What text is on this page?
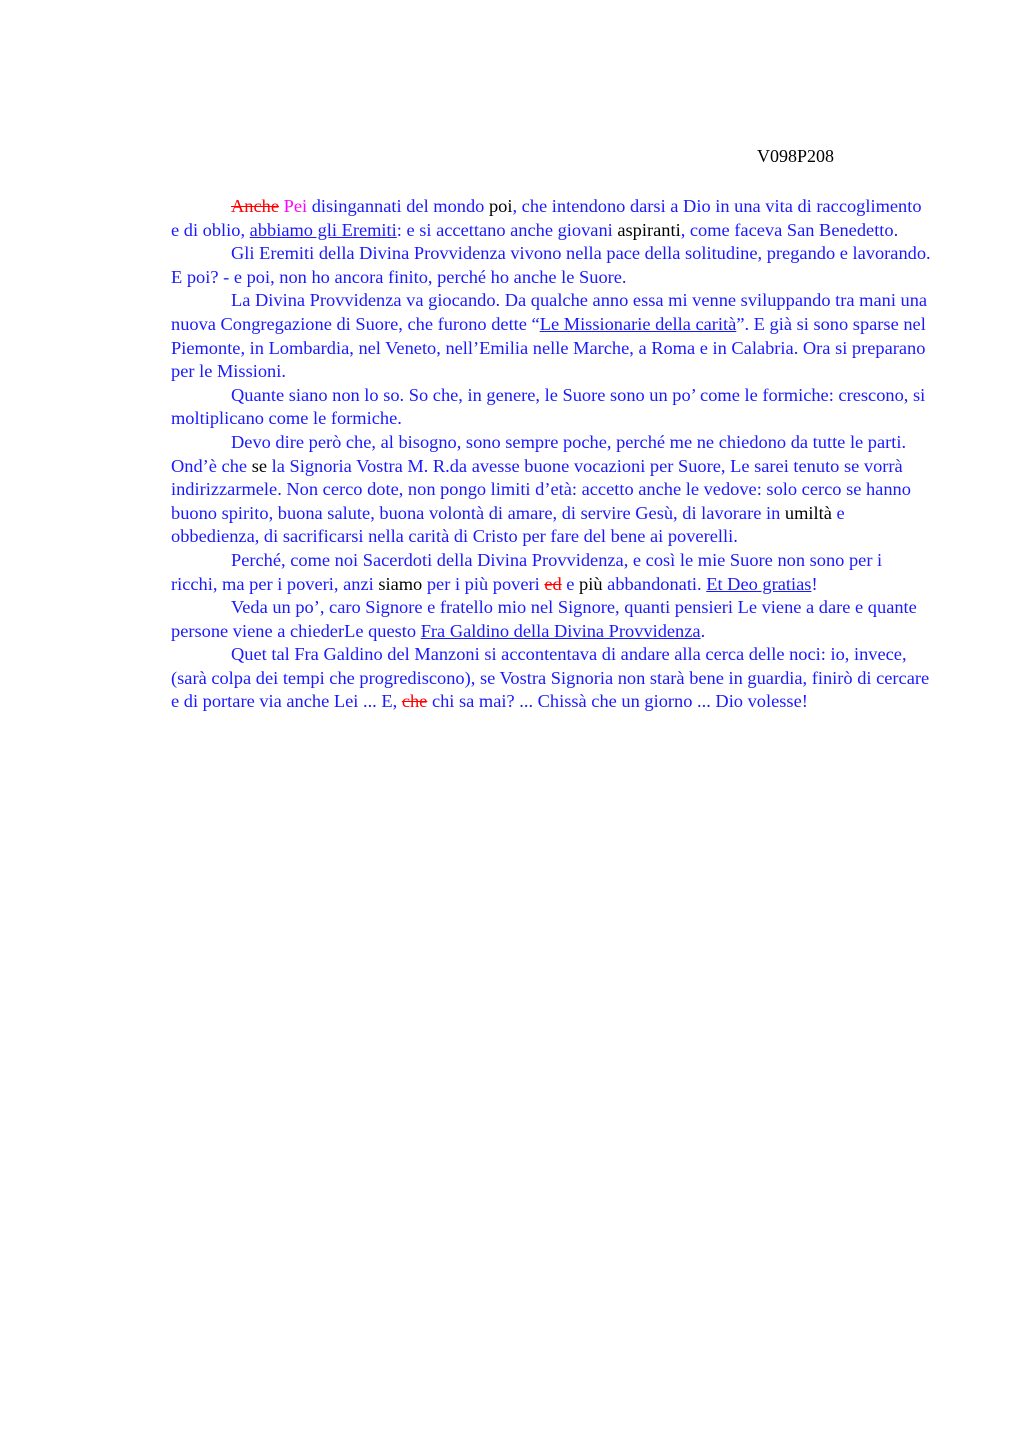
V098P208

Anche Pei disingannati del mondo poi, che intendono darsi a Dio in una vita di raccoglimento e di oblio, abbiamo gli Eremiti: e si accettano anche giovani aspiranti, come faceva San Benedetto.

Gli Eremiti della Divina Provvidenza vivono nella pace della solitudine, pregando e lavorando. E poi? - e poi, non ho ancora finito, perché ho anche le Suore.

La Divina Provvidenza va giocando. Da qualche anno essa mi venne sviluppando tra mani una nuova Congregazione di Suore, che furono dette “Le Missionarie della carità”. E già si sono sparse nel Piemonte, in Lombardia, nel Veneto, nell’Emilia nelle Marche, a Roma e in Calabria. Ora si preparano per le Missioni.

Quante siano non lo so. So che, in genere, le Suore sono un po’ come le formiche: crescono, si moltiplicano come le formiche.

Devo dire però che, al bisogno, sono sempre poche, perché me ne chiedono da tutte le parti. Ond’è che se la Signoria Vostra M. R.da avesse buone vocazioni per Suore, Le sarei tenuto se vorrà indirizzarmele. Non cerco dote, non pongo limiti d’età: accetto anche le vedove: solo cerco se hanno buono spirito, buona salute, buona volontà di amare, di servire Gesù, di lavorare in umiltà e obbedienza, di sacrificarsi nella carità di Cristo per fare del bene ai poverelli.

Perché, come noi Sacerdoti della Divina Provvidenza, e così le mie Suore non sono per i ricchi, ma per i poveri, anzi siamo per i più poveri ed e più abbandonati. Et Deo gratias!

Veda un po’, caro Signore e fratello mio nel Signore, quanti pensieri Le viene a dare e quante persone viene a chiederLe questo Fra Galdino della Divina Provvidenza.

Quet tal Fra Galdino del Manzoni si accontentava di andare alla cerca delle noci: io, invece, (sarà colpa dei tempi che progrediscono), se Vostra Signoria non starà bene in guardia, finirò di cercare e di portare via anche Lei ... E, che chi sa mai? ... Chissà che un giorno ... Dio volesse!
